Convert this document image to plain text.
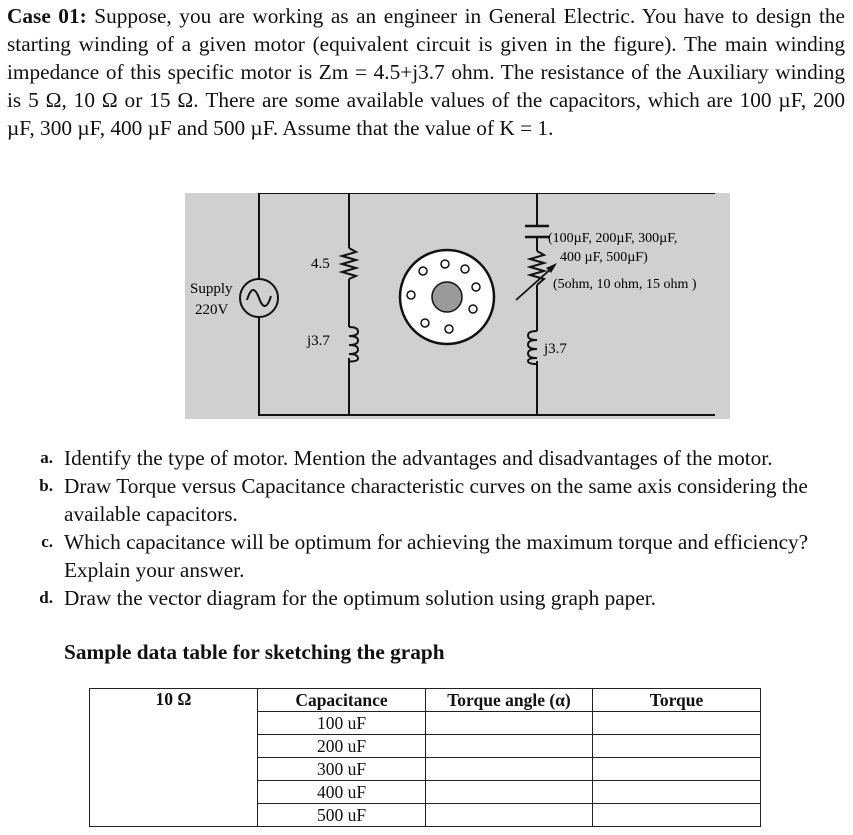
Case 01: Suppose, you are working as an engineer in General Electric. You have to design the starting winding of a given motor (equivalent circuit is given in the figure). The main winding impedance of this specific motor is Zm = 4.5+j3.7 ohm. The resistance of the Auxiliary winding is 5 Ω, 10 Ω or 15 Ω. There are some available values of the capacitors, which are 100 µF, 200 µF, 300 µF, 400 µF and 500 µF. Assume that the value of K = 1.
Supply
220V
4.5
j3.7
(100µF, 200µF, 300µF,
400 µF, 500µF)
(5ohm, 10 ohm, 15 ohm )
j3.7
a. Identify the type of motor. Mention the advantages and disadvantages of the motor.
b. Draw Torque versus Capacitance characteristic curves on the same axis considering the available capacitors.
c. Which capacitance will be optimum for achieving the maximum torque and efficiency? Explain your answer.
d. Draw the vector diagram for the optimum solution using graph paper.
Sample data table for sketching the graph
10 Ω	Capacitance	Torque angle (α)	Torque
	100 uF		
	200 uF		
	300 uF		
	400 uF		
	500 uF		
